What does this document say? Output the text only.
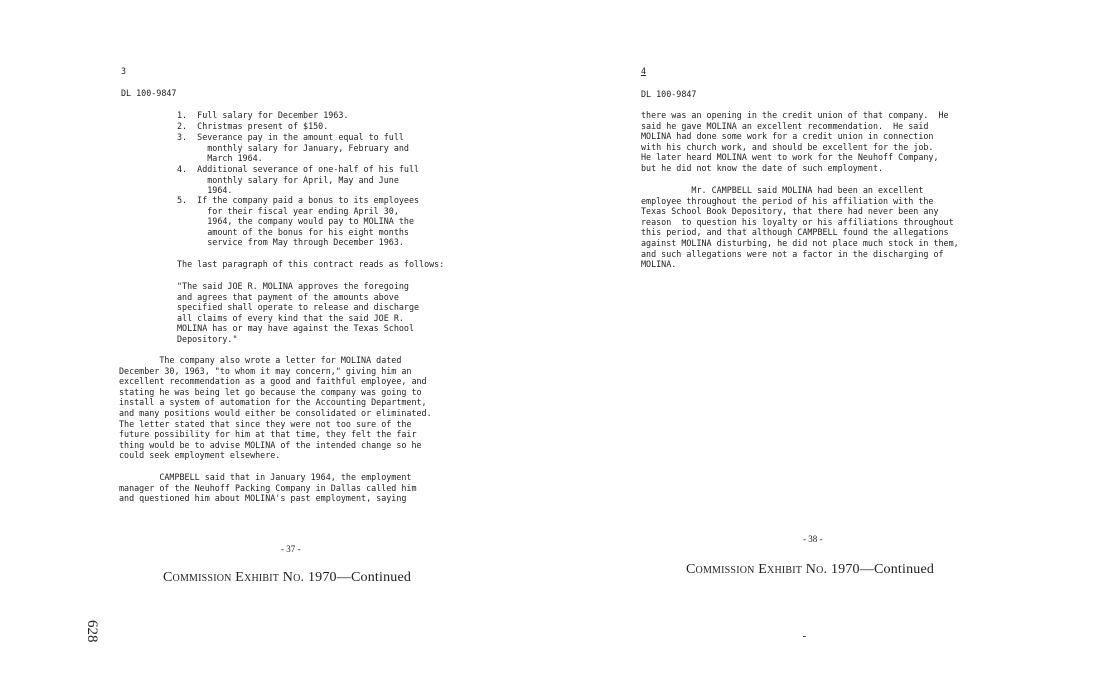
3
DL 100-9847
1.  Full salary for December 1963.
2.  Christmas present of $150.
3.  Severance pay in the amount equal to full
monthly salary for January, February and
March 1964.
4.  Additional severance of one-half of his full
monthly salary for April, May and June
1964.
5.  If the company paid a bonus to its employees
for their fiscal year ending April 30,
1964, the company would pay to MOLINA the
amount of the bonus for his eight months
service from May through December 1963.
The last paragraph of this contract reads as follows:
"The said JOE R. MOLINA approves the foregoing
and agrees that payment of the amounts above
specified shall operate to release and discharge
all claims of every kind that the said JOE R.
MOLINA has or may have against the Texas School
Depository."
The company also wrote a letter for MOLINA dated
December 30, 1963, "to whom it may concern," giving him an
excellent recommendation as a good and faithful employee, and
stating he was being let go because the company was going to
install a system of automation for the Accounting Department,
and many positions would either be consolidated or eliminated.
The letter stated that since they were not too sure of the
future possibility for him at that time, they felt the fair
thing would be to advise MOLINA of the intended change so he
could seek employment elsewhere.
CAMPBELL said that in January 1964, the employment
manager of the Neuhoff Packing Company in Dallas called him
and questioned him about MOLINA's past employment, saying
- 37 -
Commission Exhibit No. 1970—Continued
4
DL 100-9847
there was an opening in the credit union of that company.  He
said he gave MOLINA an excellent recommendation.  He said
MOLINA had done some work for a credit union in connection
with his church work, and should be excellent for the job.
He later heard MOLINA went to work for the Neuhoff Company,
but he did not know the date of such employment.
Mr. CAMPBELL said MOLINA had been an excellent
employee throughout the period of his affiliation with the
Texas School Book Depository, that there had never been any
reason  to question his loyalty or his affiliations throughout
this period, and that although CAMPBELL found the allegations
against MOLINA disturbing, he did not place much stock in them,
and such allegations were not a factor in the discharging of
MOLINA.
- 38 -
Commission Exhibit No. 1970—Continued
628
